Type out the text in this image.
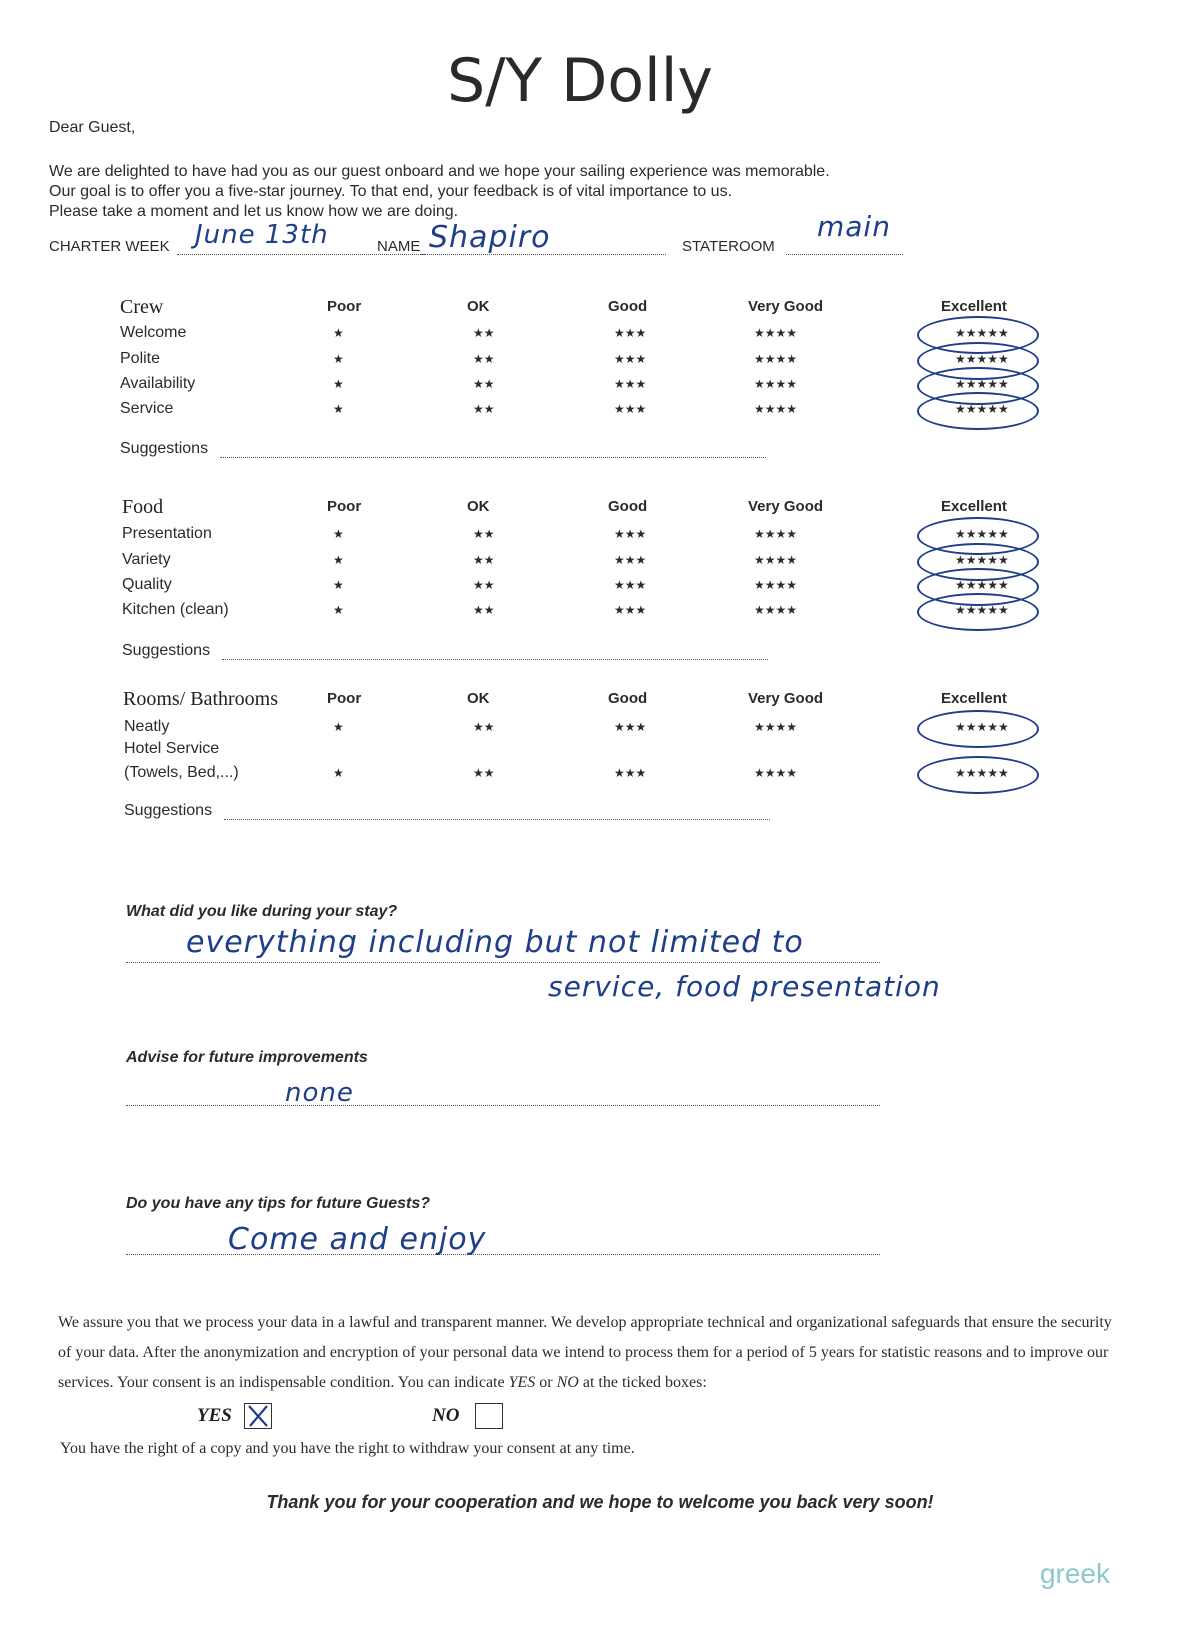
S/Y Dolly
Dear Guest,
We are delighted to have had you as our guest onboard and we hope your sailing experience was memorable.
Our goal is to offer you a five-star journey. To that end, your feedback is of vital importance to us.
Please take a moment and let us know how we are doing.
CHARTER WEEK June 13th	NAME Shapiro	STATEROOM
main
Crew	Poor	OK	Good	Very Good	Excellent
Welcome	★	★★	★★★	★★★★	★★★★★
Polite	★	★★	★★★	★★★★	★★★★★
Availability	★	★★	★★★	★★★★	★★★★★
Service	★	★★	★★★	★★★★	★★★★★
Suggestions
Food	Poor	OK	Good	Very Good	Excellent
Presentation	★	★★	★★★	★★★★	★★★★★
Variety	★	★★	★★★	★★★★	★★★★★
Quality	★	★★	★★★	★★★★	★★★★★
Kitchen (clean)	★	★★	★★★	★★★★	★★★★★
Suggestions
Rooms/ Bathrooms	Poor	OK	Good	Very Good	Excellent
Neatly	★	★★	★★★	★★★★	★★★★★
Hotel Service
(Towels, Bed,...)	★	★★	★★★	★★★★	★★★★★
Suggestions
What did you like during your stay?
everything including but not limited to
service, food presentation
Advise for future improvements
none
Do you have any tips for future Guests?
Come and enjoy
We assure you that we process your data in a lawful and transparent manner. We develop appropriate technical and organizational safeguards that ensure the security of your data. After the anonymization and encryption of your personal data we intend to process them for a period of 5 years for statistic reasons and to improve our services. Your consent is an indispensable condition. You can indicate YES or NO at the ticked boxes:
YES	NO
You have the right of a copy and you have the right to withdraw your consent at any time.
Thank you for your cooperation and we hope to welcome you back very soon!
greek
